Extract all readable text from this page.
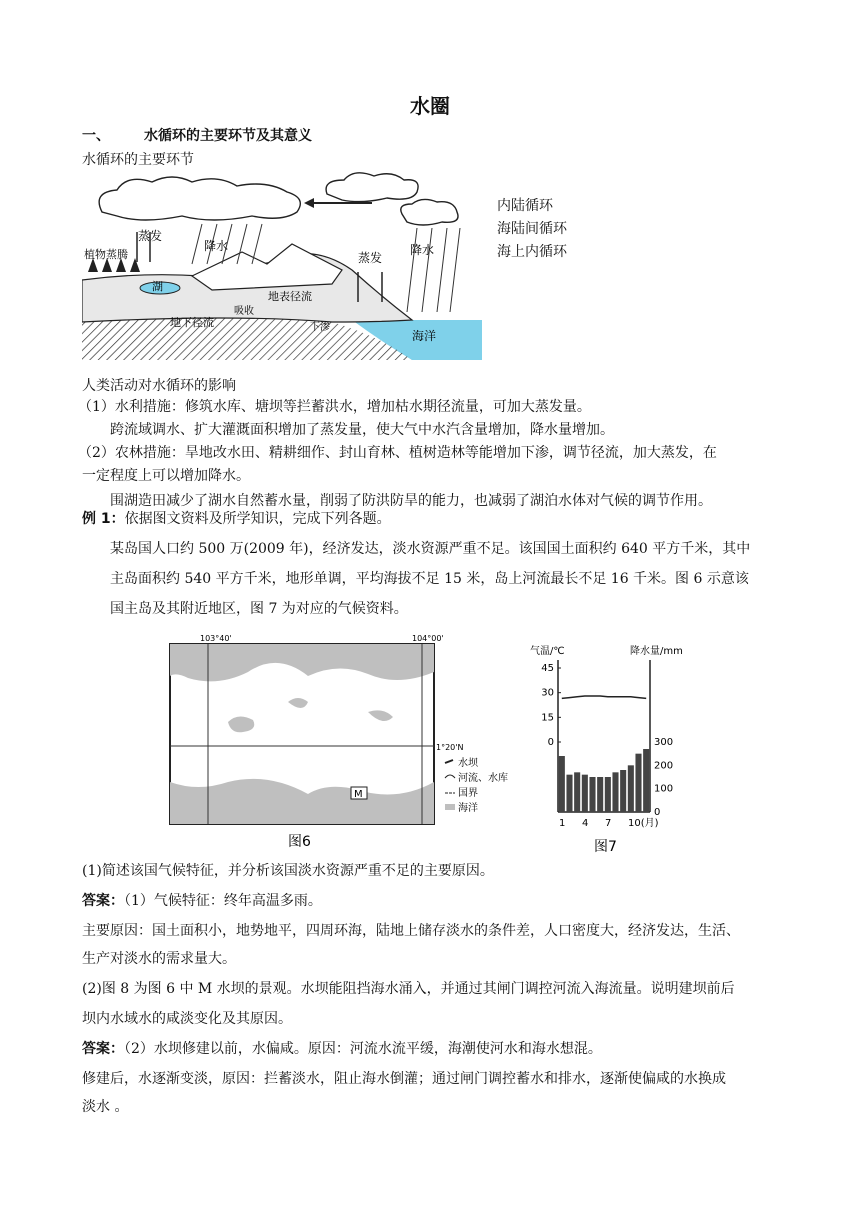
水圈
一、 水循环的主要环节及其意义
水循环的主要环节
蒸发
植物蒸腾
降水
湖
地表径流
吸收
地下径流	下渗
蒸发
降水
海洋
内陆循环
海陆间循环
海上内循环
人类活动对水循环的影响
（1）水利措施：修筑水库、塘坝等拦蓄洪水，增加枯水期径流量，可加大蒸发量。
跨流域调水、扩大灌溉面积增加了蒸发量，使大气中水汽含量增加，降水量增加。
（2）农林措施：旱地改水田、精耕细作、封山育林、植树造林等能增加下渗，调节径流，加大蒸发，在
一定程度上可以增加降水。
围湖造田减少了湖水自然蓄水量，削弱了防洪防旱的能力，也减弱了湖泊水体对气候的调节作用。
例 1：依据图文资料及所学知识，完成下列各题。
某岛国人口约 500 万(2009 年)，经济发达，淡水资源严重不足。该国国土面积约 640 平方千米，其中
主岛面积约 540 平方千米，地形单调，平均海拔不足 15 米，岛上河流最长不足 16 千米。图 6 示意该
国主岛及其附近地区，图 7 为对应的气候资料。
M
103°40'	104°00'
1°20'N
水坝
河流、水库
国界
海洋
图6
气温/℃	降水量/mm
45
30
15
0	300
200
100
0
1 4 7 10(月)
图7
(1)简述该国气候特征，并分析该国淡水资源严重不足的主要原因。
答案：（1）气候特征：终年高温多雨。
主要原因：国土面积小，地势地平，四周环海，陆地上储存淡水的条件差，人口密度大，经济发达，生活、
生产对淡水的需求量大。
(2)图 8 为图 6 中 M 水坝的景观。水坝能阻挡海水涌入，并通过其闸门调控河流入海流量。说明建坝前后
坝内水域水的咸淡变化及其原因。
答案：（2）水坝修建以前，水偏咸。原因：河流水流平缓，海潮使河水和海水想混。
修建后，水逐渐变淡，原因：拦蓄淡水，阻止海水倒灌；通过闸门调控蓄水和排水，逐渐使偏咸的水换成
淡水 。
